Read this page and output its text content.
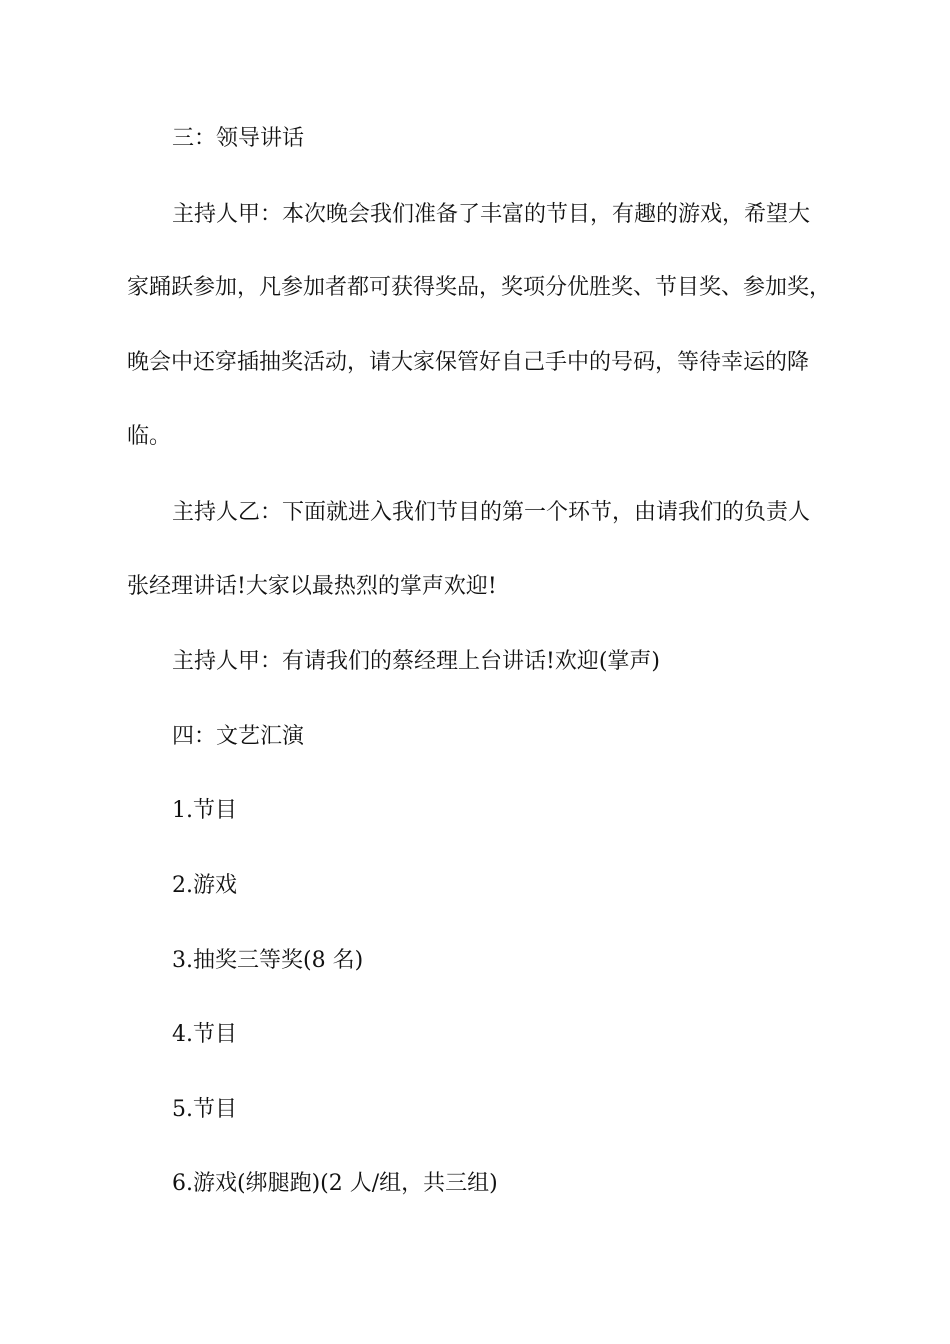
三：领导讲话
主持人甲：本次晚会我们准备了丰富的节目，有趣的游戏，希望大
家踊跃参加，凡参加者都可获得奖品，奖项分优胜奖、节目奖、参加奖，
晚会中还穿插抽奖活动，请大家保管好自己手中的号码，等待幸运的降
临。
主持人乙：下面就进入我们节目的第一个环节，由请我们的负责人
张经理讲话!大家以最热烈的掌声欢迎!
主持人甲：有请我们的蔡经理上台讲话!欢迎(掌声)
四：文艺汇演
1.节目
2.游戏
3.抽奖三等奖(8 名)
4.节目
5.节目
6.游戏(绑腿跑)(2 人/组，共三组)
